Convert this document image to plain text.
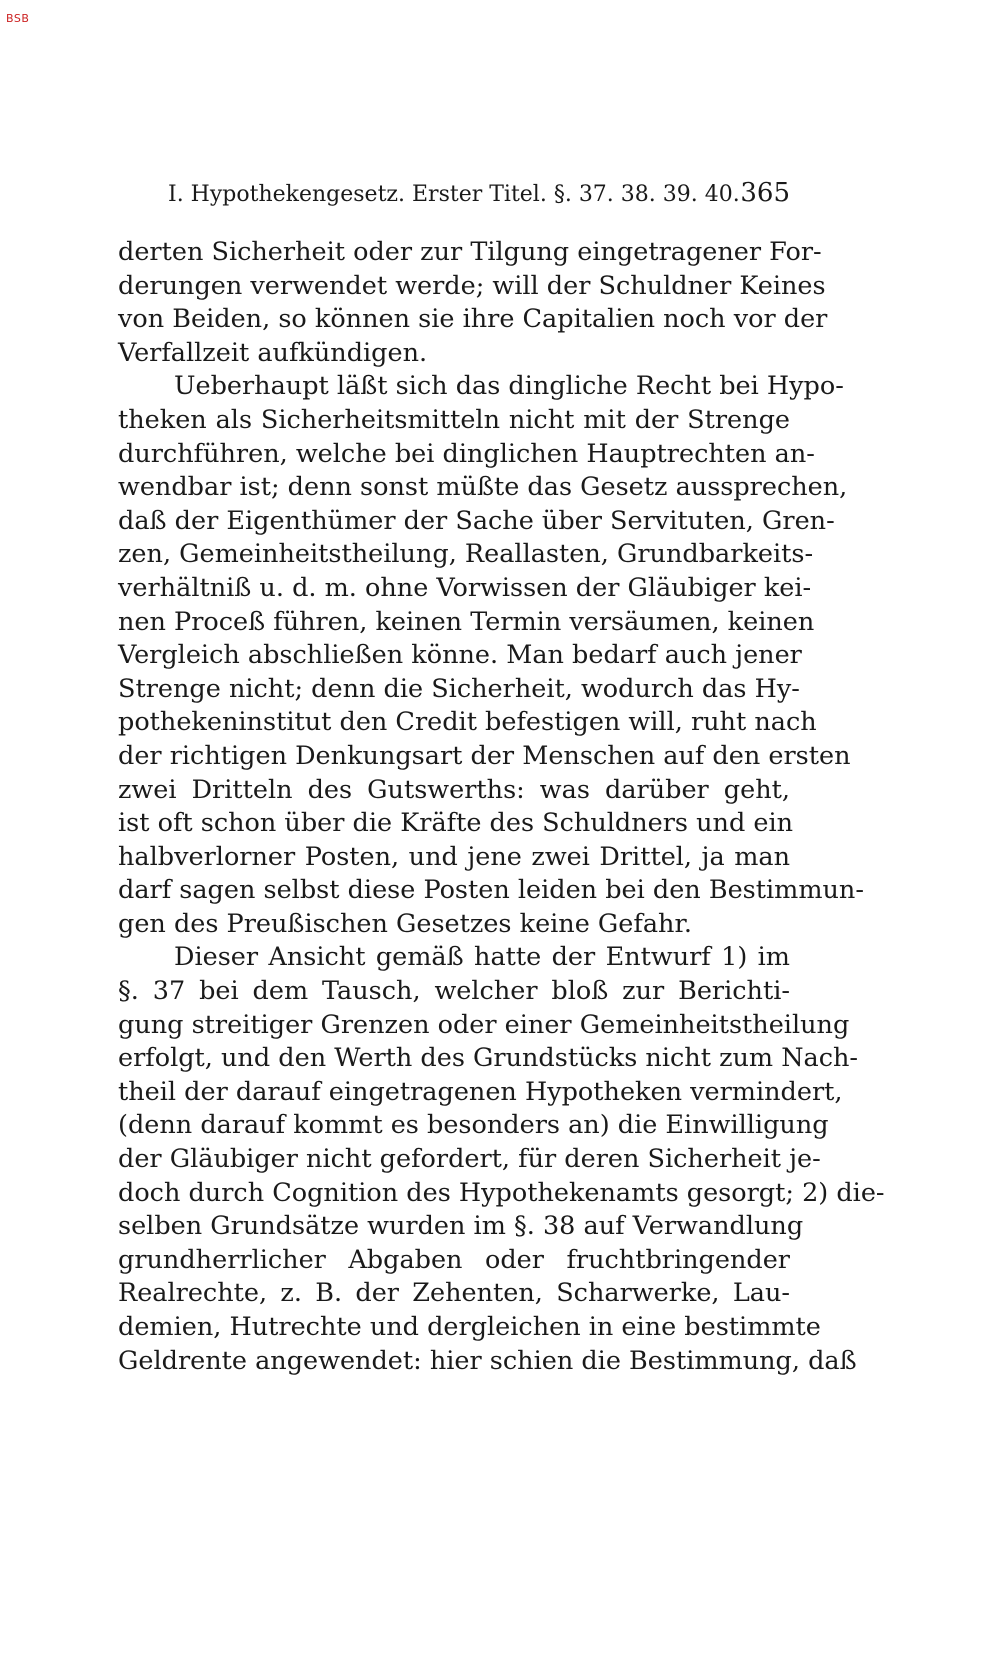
BSB
I. Hypothekengesetz. Erster Titel. §. 37. 38. 39. 40. 365
derten Sicherheit oder zur Tilgung eingetragener For-
derungen verwendet werde; will der Schuldner Keines
von Beiden, so können sie ihre Capitalien noch vor der
Verfallzeit aufkündigen.
Ueberhaupt läßt sich das dingliche Recht bei Hypo-
theken als Sicherheitsmitteln nicht mit der Strenge
durchführen, welche bei dinglichen Hauptrechten an-
wendbar ist; denn sonst müßte das Gesetz aussprechen,
daß der Eigenthümer der Sache über Servituten, Gren-
zen, Gemeinheitstheilung, Reallasten, Grundbarkeits-
verhältniß u. d. m. ohne Vorwissen der Gläubiger kei-
nen Proceß führen, keinen Termin versäumen, keinen
Vergleich abschließen könne. Man bedarf auch jener
Strenge nicht; denn die Sicherheit, wodurch das Hy-
pothekeninstitut den Credit befestigen will, ruht nach
der richtigen Denkungsart der Menschen auf den ersten
zwei Dritteln des Gutswerths: was darüber geht,
ist oft schon über die Kräfte des Schuldners und ein
halbverlorner Posten, und jene zwei Drittel, ja man
darf sagen selbst diese Posten leiden bei den Bestimmun-
gen des Preußischen Gesetzes keine Gefahr.
Dieser Ansicht gemäß hatte der Entwurf 1) im
§. 37 bei dem Tausch, welcher bloß zur Berichti-
gung streitiger Grenzen oder einer Gemeinheitstheilung
erfolgt, und den Werth des Grundstücks nicht zum Nach-
theil der darauf eingetragenen Hypotheken vermindert,
(denn darauf kommt es besonders an) die Einwilligung
der Gläubiger nicht gefordert, für deren Sicherheit je-
doch durch Cognition des Hypothekenamts gesorgt; 2) die-
selben Grundsätze wurden im §. 38 auf Verwandlung
grundherrlicher Abgaben oder fruchtbringender
Realrechte, z. B. der Zehenten, Scharwerke, Lau-
demien, Hutrechte und dergleichen in eine bestimmte
Geldrente angewendet: hier schien die Bestimmung, daß
